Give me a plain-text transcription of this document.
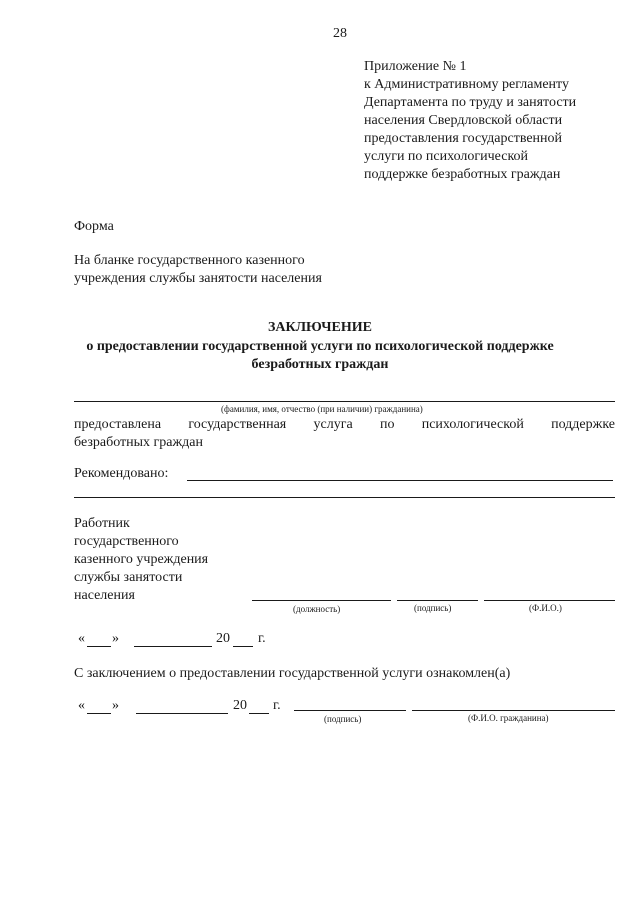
28
Приложение № 1
к Административному регламенту
Департамента по труду и занятости
населения Свердловской области
предоставления государственной
услуги по психологической
поддержке безработных граждан
Форма
На бланке государственного казенного
учреждения службы занятости населения
ЗАКЛЮЧЕНИЕ
о предоставлении государственной услуги по психологической поддержке
безработных граждан
(фамилия, имя, отчество (при наличии) гражданина)
предоставлена государственная услуга по психологической поддержке
безработных граждан
Рекомендовано:
Работник
государственного
казенного учреждения
службы занятости
населения
(должность)	(подпись)	(Ф.И.О.)
« »	20 г.
С заключением о предоставлении государственной услуги ознакомлен(а)
« »	20 г.
(подпись)	(Ф.И.О. гражданина)
